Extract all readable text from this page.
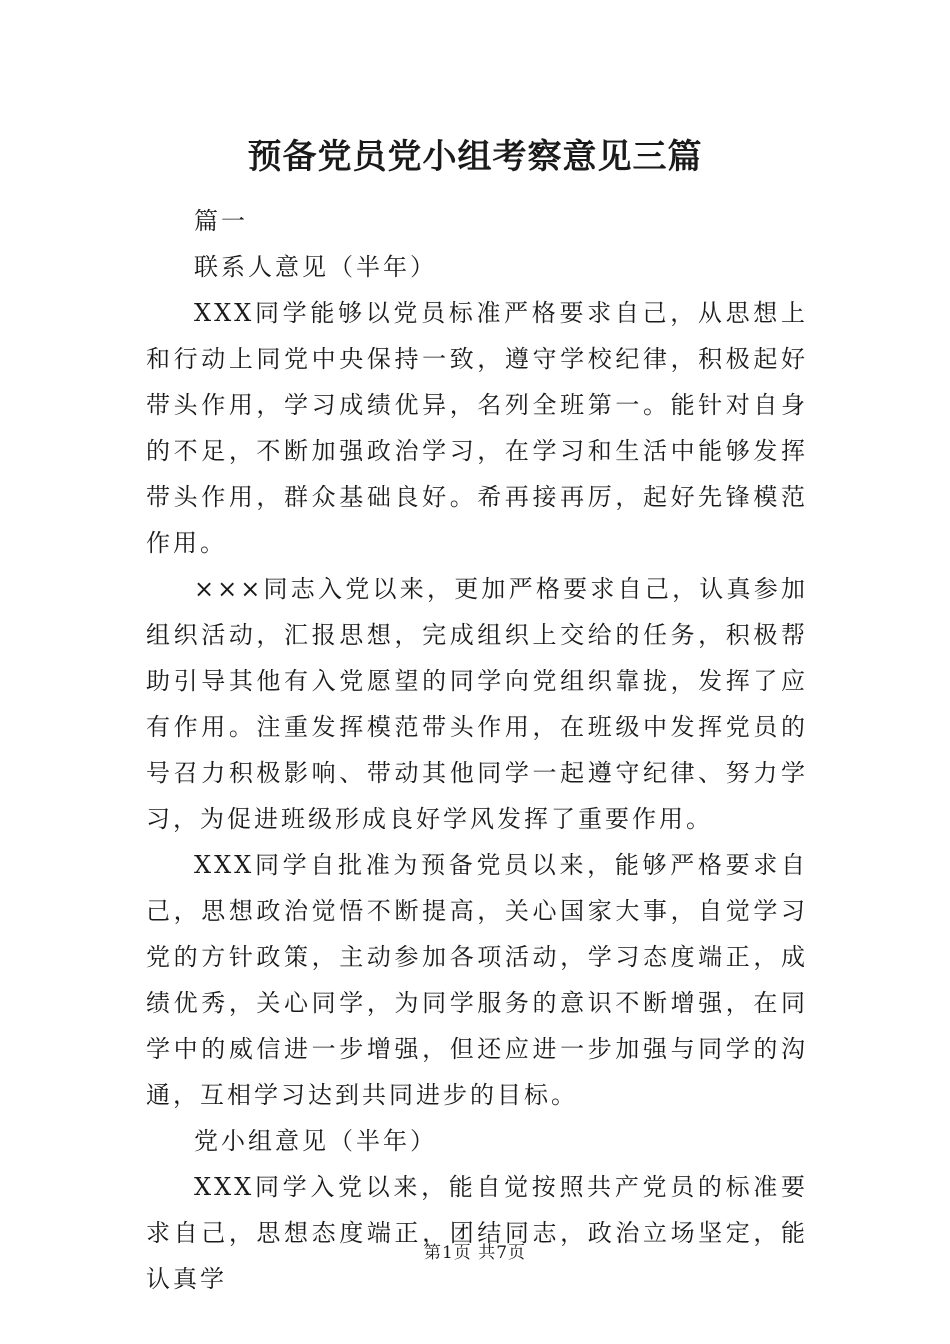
预备党员党小组考察意见三篇

篇一

联系人意见（半年）

XXX同学能够以党员标准严格要求自己，从思想上和行动上同党中央保持一致，遵守学校纪律，积极起好带头作用，学习成绩优异，名列全班第一。能针对自身的不足，不断加强政治学习，在学习和生活中能够发挥带头作用，群众基础良好。希再接再厉，起好先锋模范作用。

×××同志入党以来，更加严格要求自己，认真参加组织活动，汇报思想，完成组织上交给的任务，积极帮助引导其他有入党愿望的同学向党组织靠拢，发挥了应有作用。注重发挥模范带头作用，在班级中发挥党员的号召力积极影响、带动其他同学一起遵守纪律、努力学习，为促进班级形成良好学风发挥了重要作用。

XXX同学自批准为预备党员以来，能够严格要求自己，思想政治觉悟不断提高，关心国家大事，自觉学习党的方针政策，主动参加各项活动，学习态度端正，成绩优秀，关心同学，为同学服务的意识不断增强，在同学中的威信进一步增强，但还应进一步加强与同学的沟通，互相学习达到共同进步的目标。

党小组意见（半年）

XXX同学入党以来，能自觉按照共产党员的标准要求自己，思想态度端正，团结同志，政治立场坚定，能认真学

第1页 共7页
